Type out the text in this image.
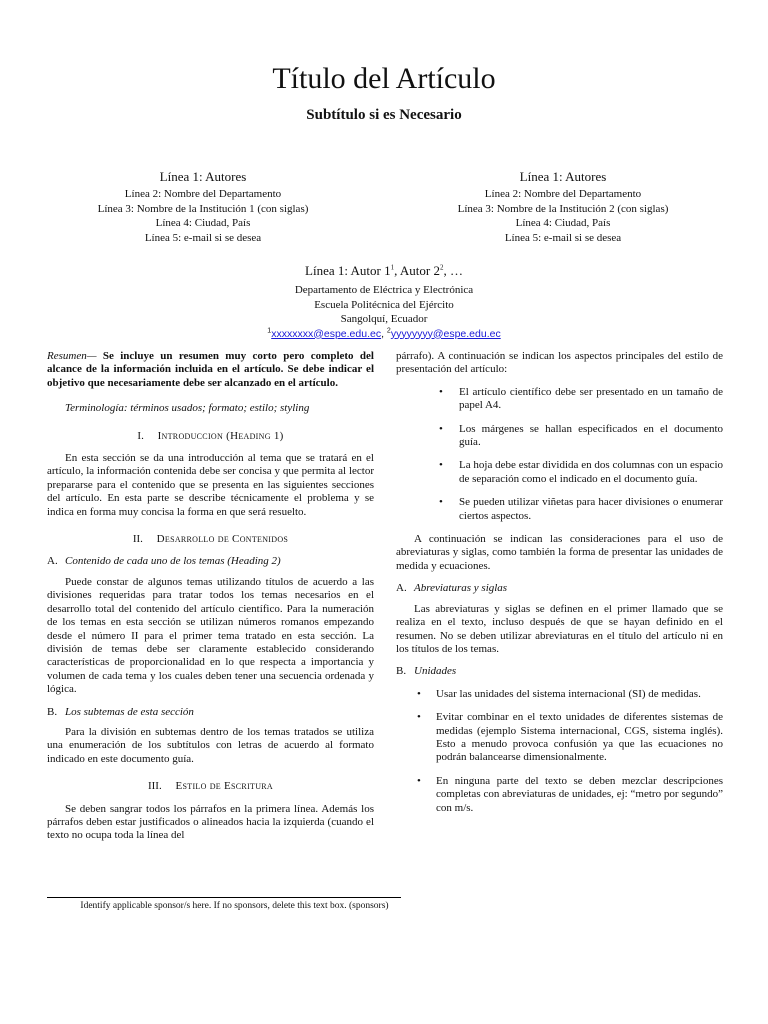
Título del Artículo
Subtítulo si es Necesario
Línea 1: Autores
Línea 2: Nombre del Departamento
Línea 3: Nombre de la Institución 1 (con siglas)
Línea 4: Ciudad, País
Línea 5: e-mail si se desea
Línea 1: Autores
Línea 2: Nombre del Departamento
Línea 3: Nombre de la Institución 2 (con siglas)
Línea 4: Ciudad, País
Línea 5: e-mail si se desea
Línea 1: Autor $1^1$, Autor $2^2$, …
Departamento de Eléctrica y Electrónica
Escuela Politécnica del Ejército
Sangolquí, Ecuador
$^1$xxxxxxxx@espe.edu.ec, $^2$yyyyyyyy@espe.edu.ec

Resumen— Se incluye un resumen muy corto pero completo del alcance de la información incluida en el artículo. Se debe indicar el objetivo que necesariamente debe ser alcanzado en el artículo.

Terminología: términos usados; formato; estilo; styling

I. Introduccion (Heading 1)

En esta sección se da una introducción al tema que se tratará en el artículo, la información contenida debe ser concisa y que permita al lector prepararse para el contenido que se presenta en las siguientes secciones del artículo. En esta parte se describe técnicamente el problema y se indica en forma muy concisa la forma en que será resuelto.

II. Desarrollo de Contenidos
A. Contenido de cada uno de los temas (Heading 2)

Puede constar de algunos temas utilizando títulos de acuerdo a las divisiones requeridas para tratar todos los temas necesarios en el desarrollo total del contenido del artículo científico. Para la numeración de los temas en esta sección se utilizan números romanos empezando desde el número II para el primer tema tratado en esta sección. La división de temas debe ser claramente establecido considerando características de proporcionalidad en lo que respecta a importancia y volumen de cada tema y los cuales deben tener una secuencia ordenada y lógica.

B. Los subtemas de esta sección

Para la división en subtemas dentro de los temas tratados se utiliza una enumeración de los subtítulos con letras de acuerdo al formato indicado en este documento guía.

III. Estilo de Escritura

Se deben sangrar todos los párrafos en la primera línea. Además los párrafos deben estar justificados o alineados hacia la izquierda (cuando el texto no ocupa toda la línea del

párrafo). A continuación se indican los aspectos principales del estilo de presentación del artículo:

• El artículo científico debe ser presentado en un tamaño de papel A4.
• Los márgenes se hallan especificados en el documento guía.
• La hoja debe estar dividida en dos columnas con un espacio de separación como el indicado en el documento guía.
• Se pueden utilizar viñetas para hacer divisiones o enumerar ciertos aspectos.

A continuación se indican las consideraciones para el uso de abreviaturas y siglas, como también la forma de presentar las unidades de medida y ecuaciones.

A. Abreviaturas y siglas

Las abreviaturas y siglas se definen en el primer llamado que se realiza en el texto, incluso después de que se hayan definido en el resumen. No se deben utilizar abreviaturas en el título del artículo ni en los títulos de los temas.

B. Unidades
• Usar las unidades del sistema internacional (SI) de medidas.
• Evitar combinar en el texto unidades de diferentes sistemas de medidas (ejemplo Sistema internacional, CGS, sistema inglés). Esto a menudo provoca confusión ya que las ecuaciones no podrán balancearse dimensionalmente.
• En ninguna parte del texto se deben mezclar descripciones completas con abreviaturas de unidades, ej: “metro por segundo” con m/s.
Identify applicable sponsor/s here. If no sponsors, delete this text box. (sponsors)
